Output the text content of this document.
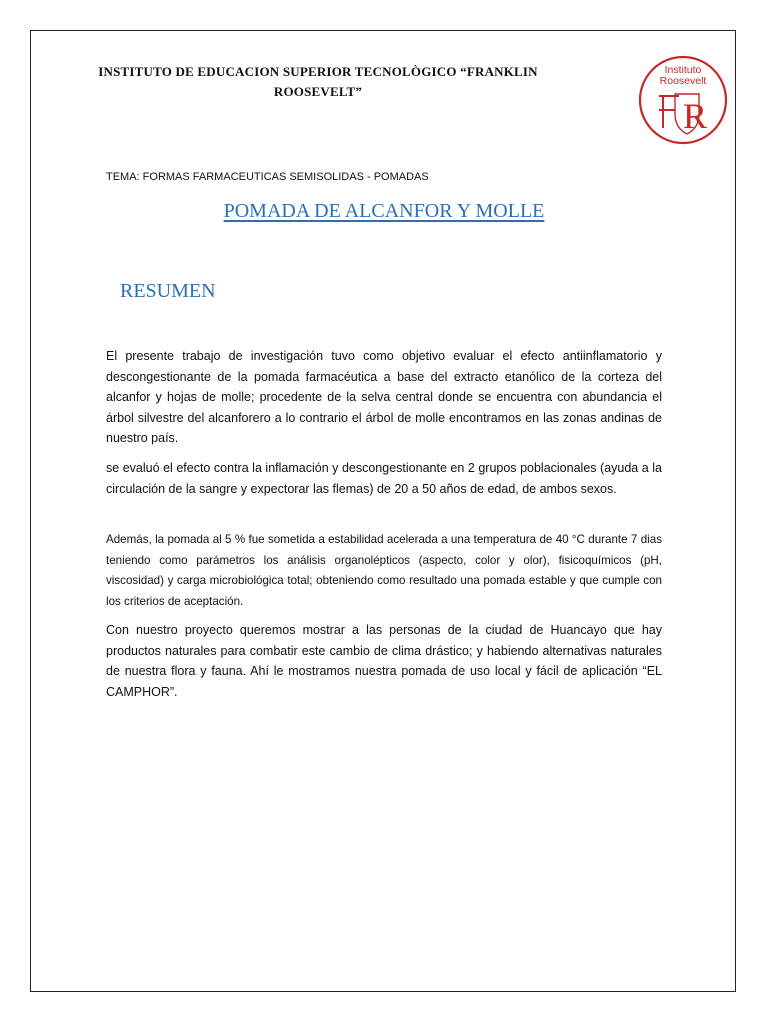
INSTITUTO DE EDUCACION SUPERIOR TECNOLÒGICO “FRANKLIN
ROOSEVELT”
Instituto
Roosevelt
R
TEMA: FORMAS FARMACEUTICAS SEMISOLIDAS - POMADAS
POMADA DE ALCANFOR Y MOLLE
RESUMEN

El presente trabajo de investigación tuvo como objetivo evaluar el efecto antiinflamatorio y descongestionante de la pomada farmacéutica a base del extracto etanólico de la corteza del alcanfor y hojas de molle; procedente de la selva central donde se encuentra con abundancia el árbol silvestre del alcanforero a lo contrario el árbol de molle encontramos en las zonas andinas de nuestro país.

se evaluó el efecto contra la inflamación y descongestionante en 2 grupos poblacionales (ayuda a la circulación de la sangre y expectorar las flemas) de 20 a 50 años de edad, de ambos sexos.

Además, la pomada al 5 % fue sometida a estabilidad acelerada a una temperatura de 40 °C durante 7 dias teniendo como parámetros los análisis organolépticos (aspecto, color y olor), fisicoquímicos (pH, viscosidad) y carga microbiológica total; obteniendo como resultado una pomada estable y que cumple con los criterios de aceptación.

Con nuestro proyecto queremos mostrar a las personas de la ciudad de Huancayo que hay productos naturales para combatir este cambio de clima drástico; y habiendo alternativas naturales de nuestra flora y fauna. Ahí le mostramos nuestra pomada de uso local y fácil de aplicación “EL CAMPHOR”.
